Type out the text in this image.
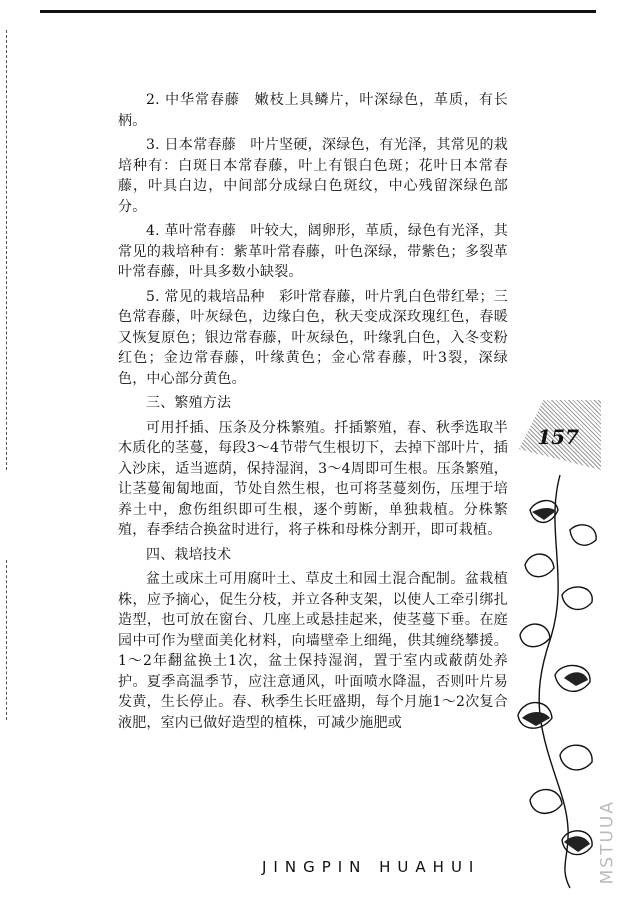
2. 中华常春藤　嫩枝上具鳞片，叶深绿色，革质，有长柄。

3. 日本常春藤　叶片坚硬，深绿色，有光泽，其常见的栽培种有：白斑日本常春藤，叶上有银白色斑；花叶日本常春藤，叶具白边，中间部分成绿白色斑纹，中心残留深绿色部分。

4. 革叶常春藤　叶较大，阔卵形，革质，绿色有光泽，其常见的栽培种有：紫革叶常春藤，叶色深绿，带紫色；多裂革叶常春藤，叶具多数小缺裂。

5. 常见的栽培品种　彩叶常春藤，叶片乳白色带红晕；三色常春藤，叶灰绿色，边缘白色，秋天变成深玫瑰红色，春暖又恢复原色；银边常春藤，叶灰绿色，叶缘乳白色，入冬变粉红色；金边常春藤，叶缘黄色；金心常春藤，叶3裂，深绿色，中心部分黄色。

三、繁殖方法

可用扦插、压条及分株繁殖。扦插繁殖，春、秋季选取半木质化的茎蔓，每段3～4节带气生根切下，去掉下部叶片，插入沙床，适当遮荫，保持湿润，3～4周即可生根。压条繁殖，让茎蔓匍匐地面，节处自然生根，也可将茎蔓刻伤，压埋于培养土中，愈伤组织即可生根，逐个剪断，单独栽植。分株繁殖，春季结合换盆时进行，将子株和母株分割开，即可栽植。

四、栽培技术

盆土或床土可用腐叶土、草皮土和园土混合配制。盆栽植株，应予摘心，促生分枝，并立各种支架，以使人工牵引绑扎造型，也可放在窗台、几座上或悬挂起来，使茎蔓下垂。在庭园中可作为壁面美化材料，向墙壁牵上细绳，供其缠绕攀援。1～2年翻盆换土1次，盆土保持湿润，置于室内或蔽荫处养护。夏季高温季节，应注意通风，叶面喷水降温，否则叶片易发黄，生长停止。春、秋季生长旺盛期，每个月施1～2次复合液肥，室内已做好造型的植株，可减少施肥或

157
JINGPIN HUAHUI	MSTUUA
